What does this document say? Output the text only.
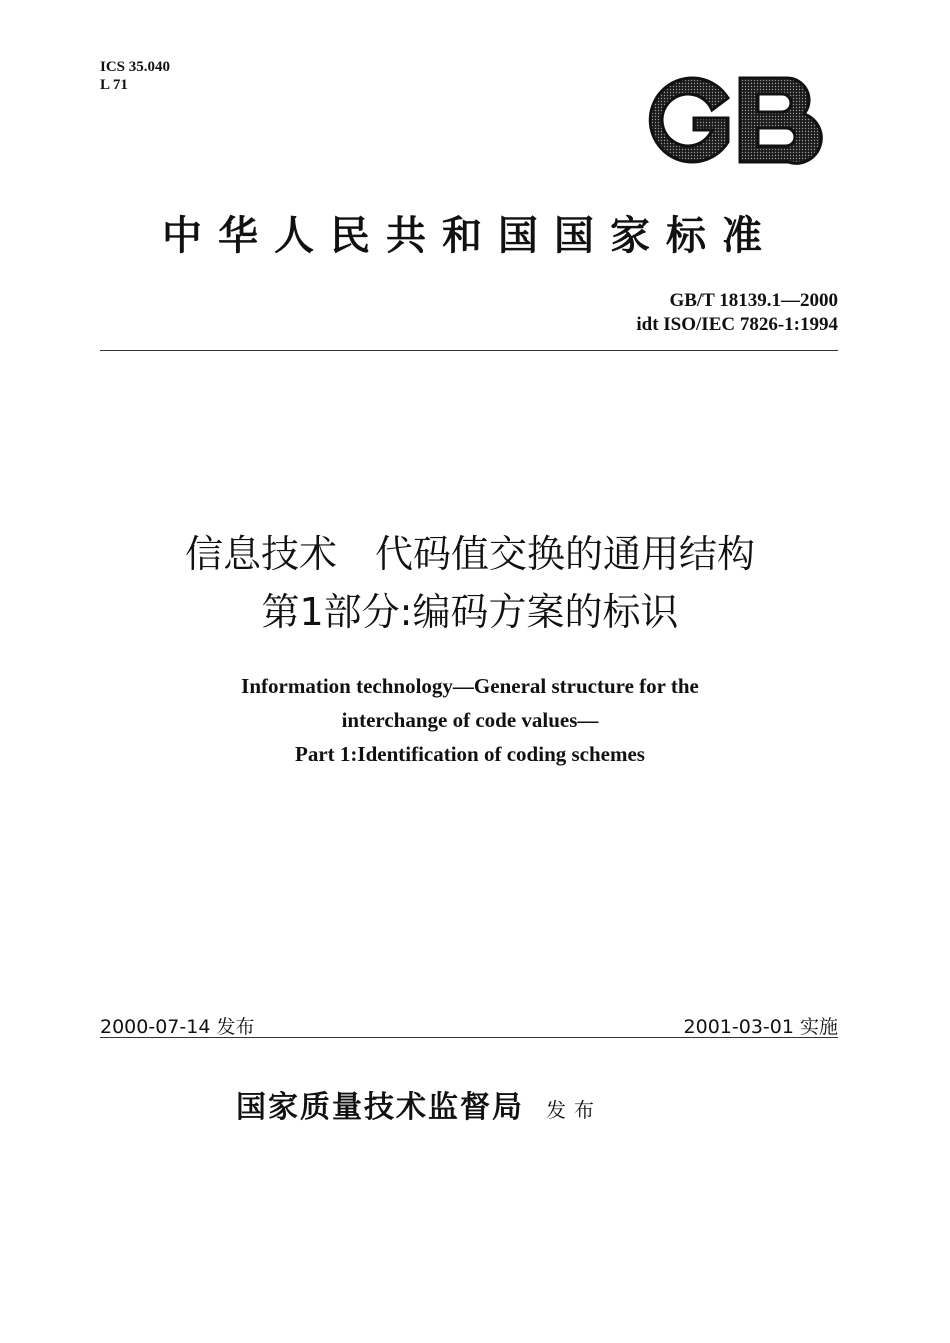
ICS 35.040
L 71
中华人民共和国国家标准
GB/T 18139.1—2000
idt ISO/IEC 7826-1:1994
信息技术　代码值交换的通用结构
第1部分:编码方案的标识
Information technology—General structure for the
interchange of code values—
Part 1:Identification of coding schemes
2000-07-14 发布	2001-03-01 实施
国家质量技术监督局 发布
